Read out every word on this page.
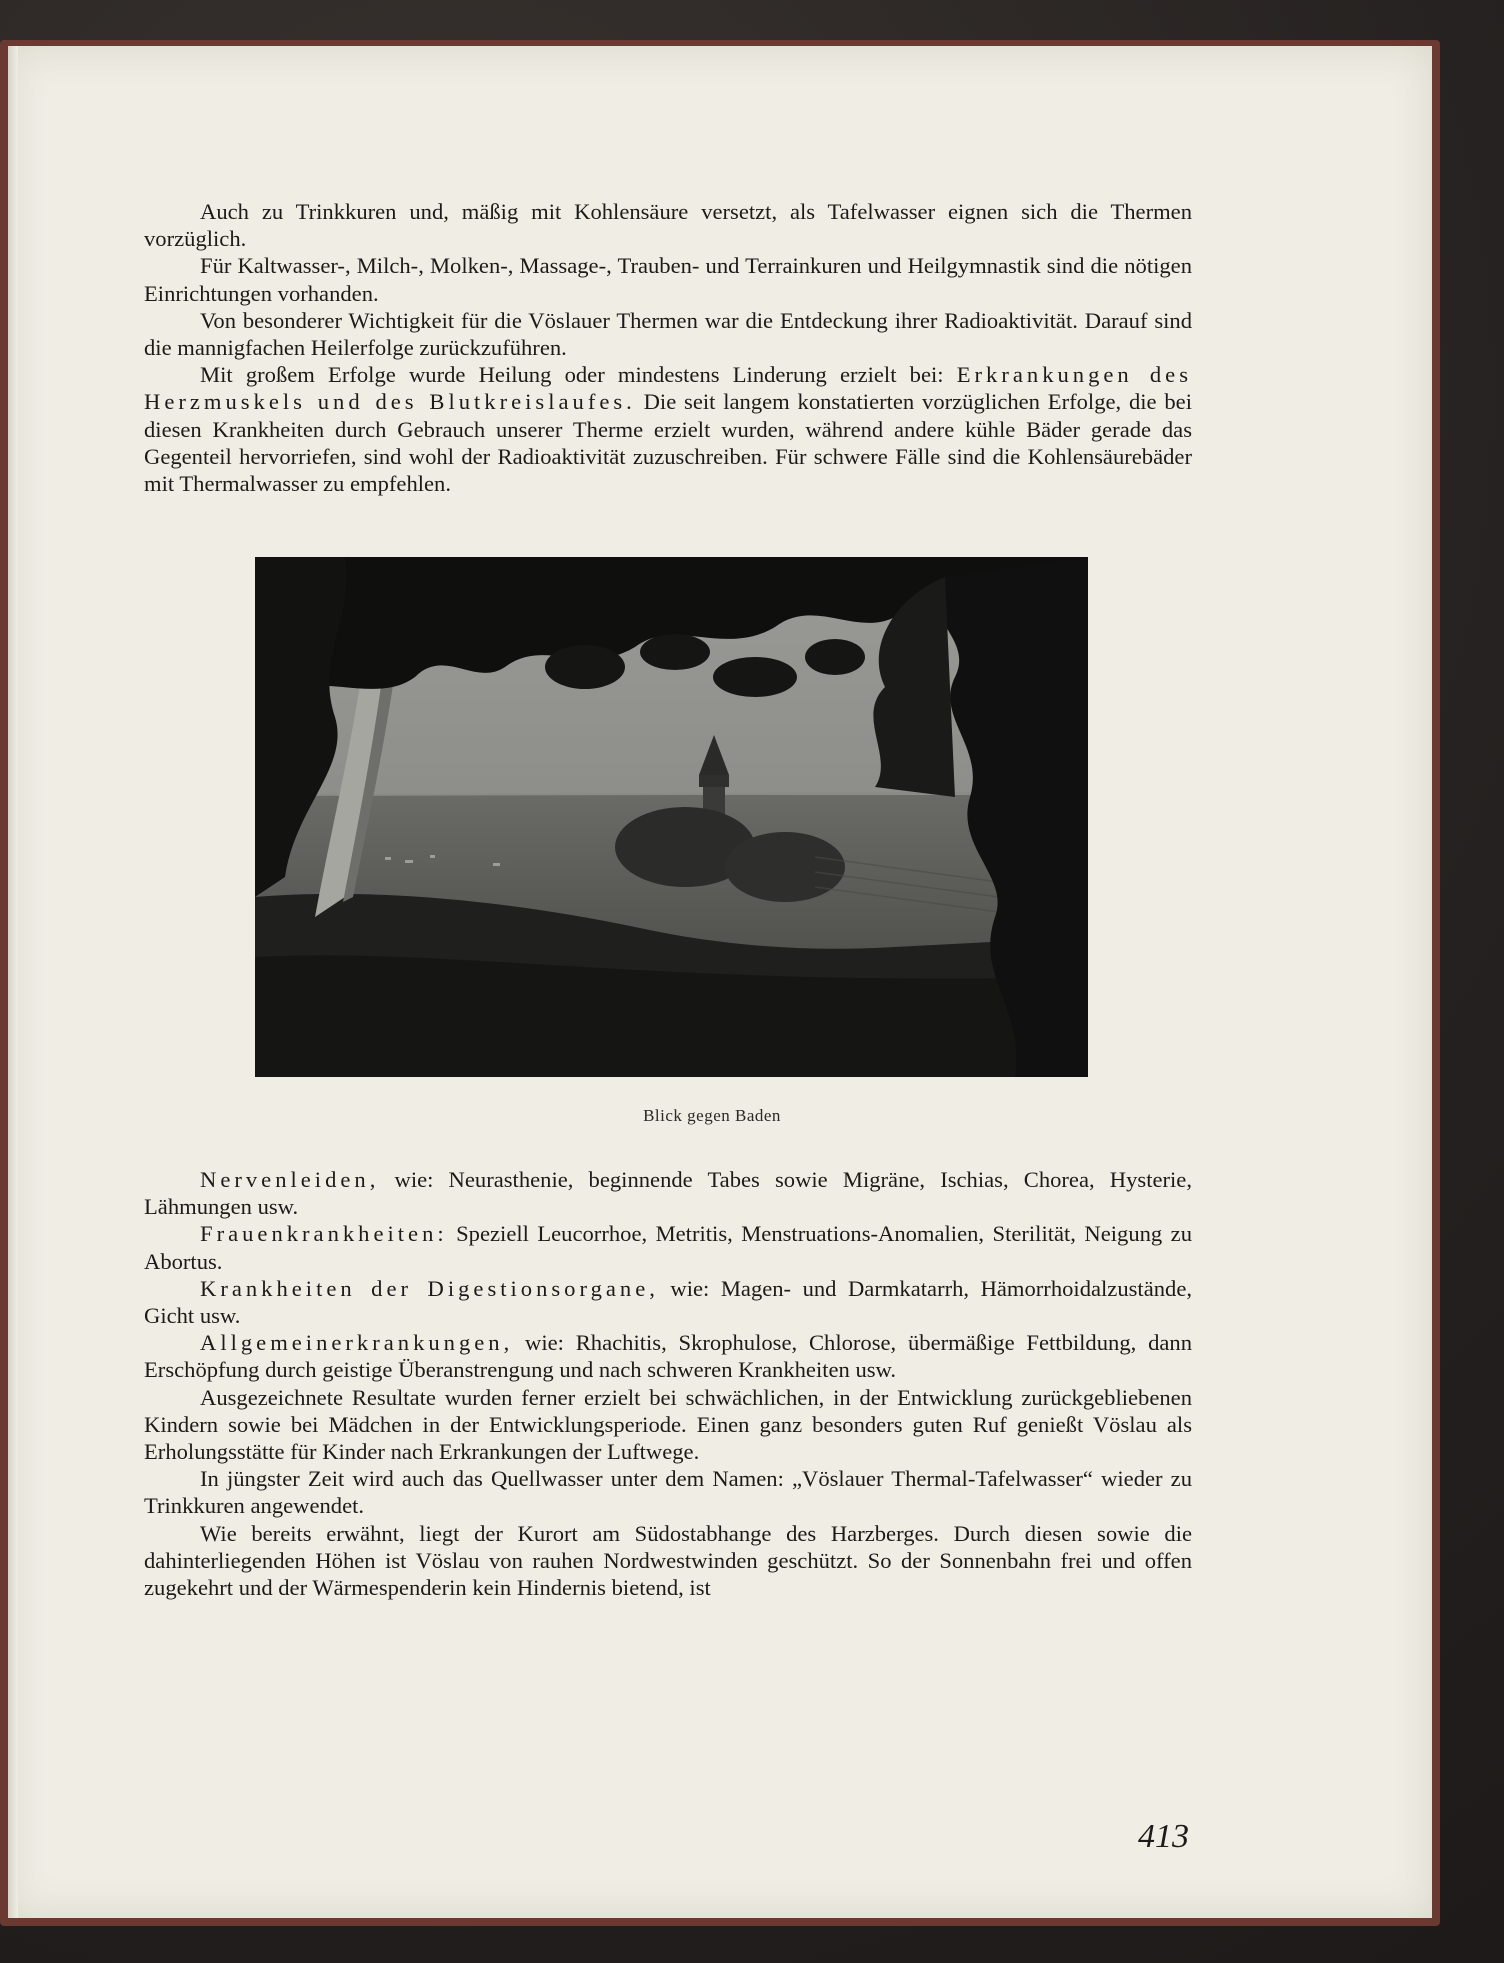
Auch zu Trinkkuren und, mäßig mit Kohlensäure versetzt, als Tafelwasser eignen sich die Thermen vorzüglich.

Für Kaltwasser-, Milch-, Molken-, Massage-, Trauben- und Terrainkuren und Heilgymnastik sind die nötigen Einrichtungen vorhanden.

Von besonderer Wichtigkeit für die Vöslauer Thermen war die Entdeckung ihrer Radioaktivität. Darauf sind die mannigfachen Heilerfolge zurückzuführen.

Mit großem Erfolge wurde Heilung oder mindestens Linderung erzielt bei: Erkrankungen des Herzmuskels und des Blutkreislaufes. Die seit langem konstatierten vorzüglichen Erfolge, die bei diesen Krankheiten durch Gebrauch unserer Therme erzielt wurden, während andere kühle Bäder gerade das Gegenteil hervorriefen, sind wohl der Radioaktivität zuzuschreiben. Für schwere Fälle sind die Kohlensäurebäder mit Thermalwasser zu empfehlen.

Blick gegen Baden

Nervenleiden, wie: Neurasthenie, beginnende Tabes sowie Migräne, Ischias, Chorea, Hysterie, Lähmungen usw.

Frauenkrankheiten: Speziell Leucorrhoe, Metritis, Menstruations-Anomalien, Sterilität, Neigung zu Abortus.

Krankheiten der Digestionsorgane, wie: Magen- und Darmkatarrh, Hämorrhoidalzustände, Gicht usw.

Allgemeinerkrankungen, wie: Rhachitis, Skrophulose, Chlorose, übermäßige Fettbildung, dann Erschöpfung durch geistige Überanstrengung und nach schweren Krankheiten usw.

Ausgezeichnete Resultate wurden ferner erzielt bei schwächlichen, in der Entwicklung zurückgebliebenen Kindern sowie bei Mädchen in der Entwicklungsperiode. Einen ganz besonders guten Ruf genießt Vöslau als Erholungsstätte für Kinder nach Erkrankungen der Luftwege.

In jüngster Zeit wird auch das Quellwasser unter dem Namen: „Vöslauer Thermal-Tafelwasser“ wieder zu Trinkkuren angewendet.

Wie bereits erwähnt, liegt der Kurort am Südostabhange des Harzberges. Durch diesen sowie die dahinterliegenden Höhen ist Vöslau von rauhen Nordwestwinden geschützt. So der Sonnenbahn frei und offen zugekehrt und der Wärmespenderin kein Hindernis bietend, ist

413
